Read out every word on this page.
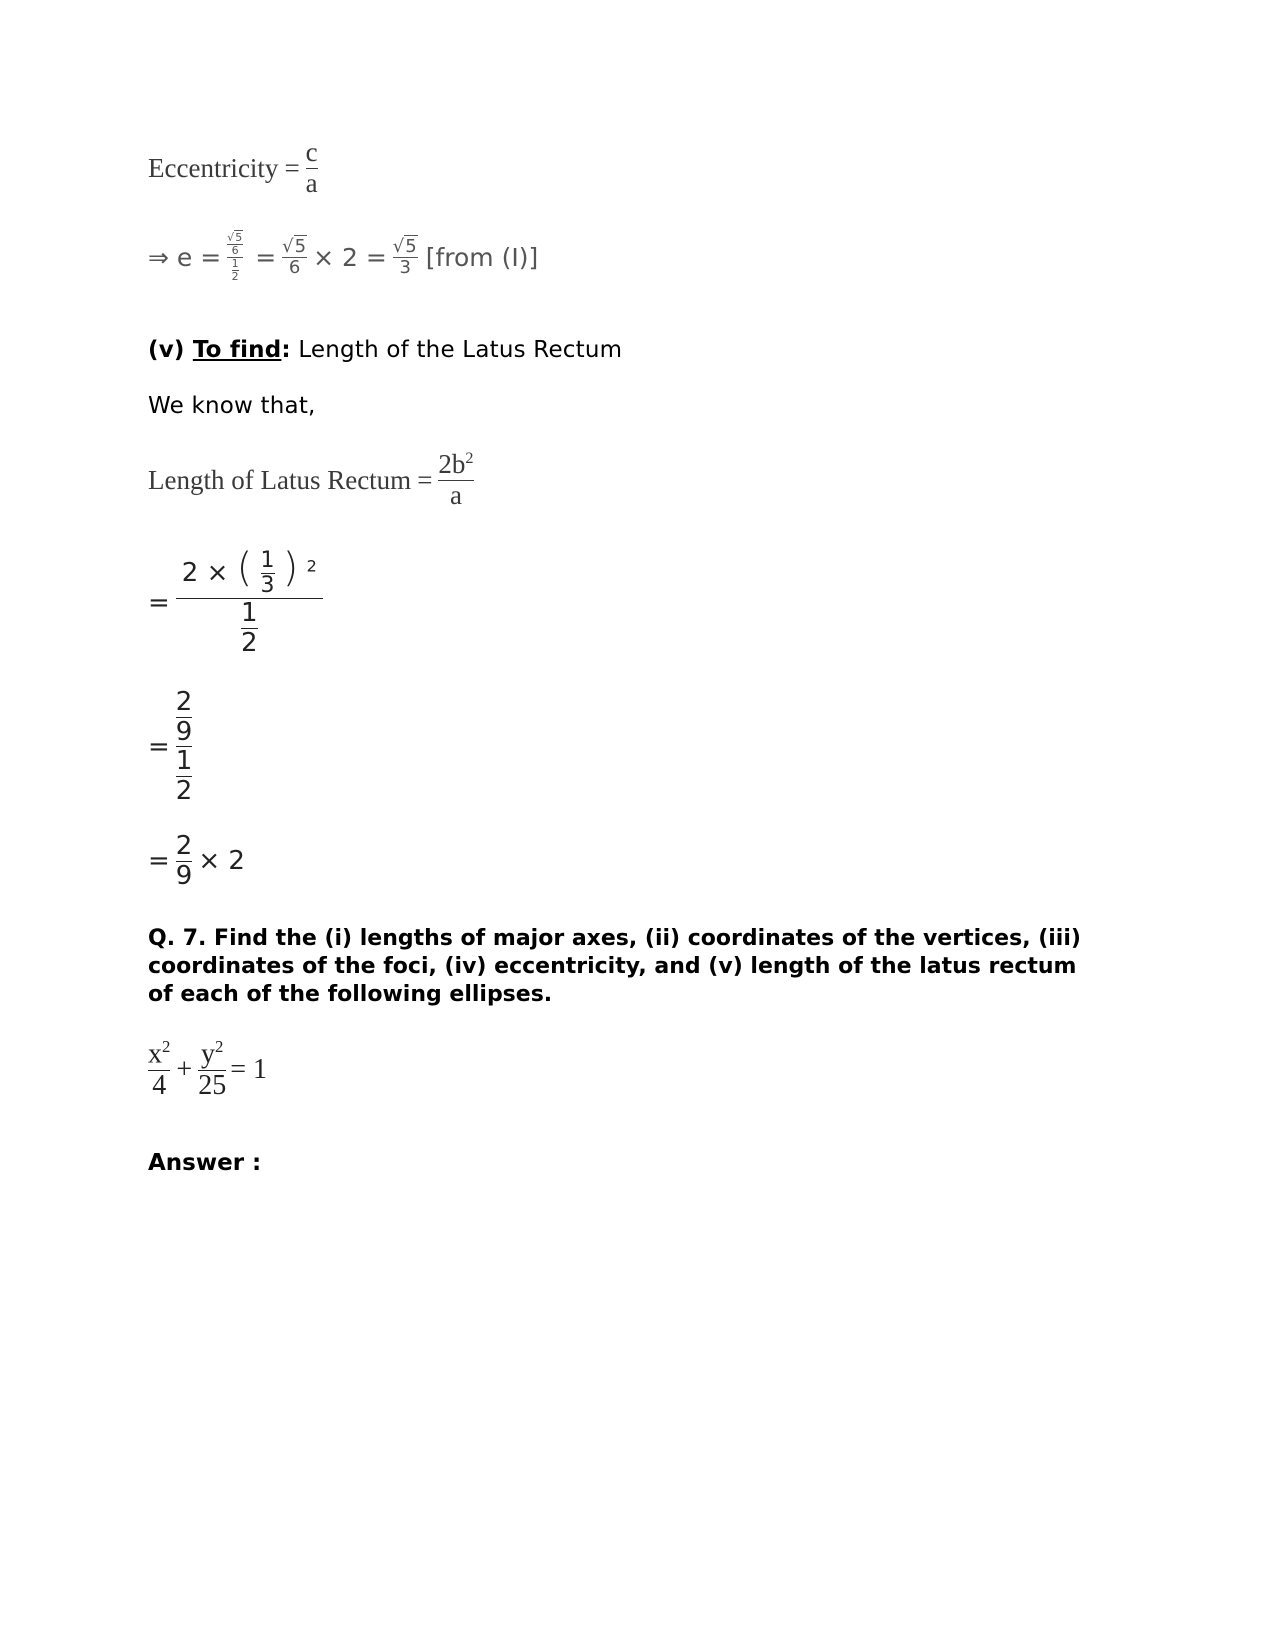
Eccentricity = $\frac{c}{a}$
⇒ $e = \frac{\frac{√5}{6}}{\frac{1}{2}} = \frac{√5}{6} \times 2 = \frac{√5}{3}$ [from (I)]
(v) To find: Length of the Latus Rectum
We know that,
Length of Latus Rectum = $\frac{2b^2}{a}$
=
2 × ( $\frac{1}{3}$ ) $^2$
$\frac{1}{2}$
= $\frac{\frac{2}{9}}{\frac{1}{2}}$
= $\frac{2}{9} \times 2$
Q. 7. Find the (i) lengths of major axes, (ii) coordinates of the vertices, (iii) coordinates of the foci, (iv) eccentricity, and (v) length of the latus rectum of each of the following ellipses.
$\frac{x^2}{4} + \frac{y^2}{25} = 1$
Answer :
